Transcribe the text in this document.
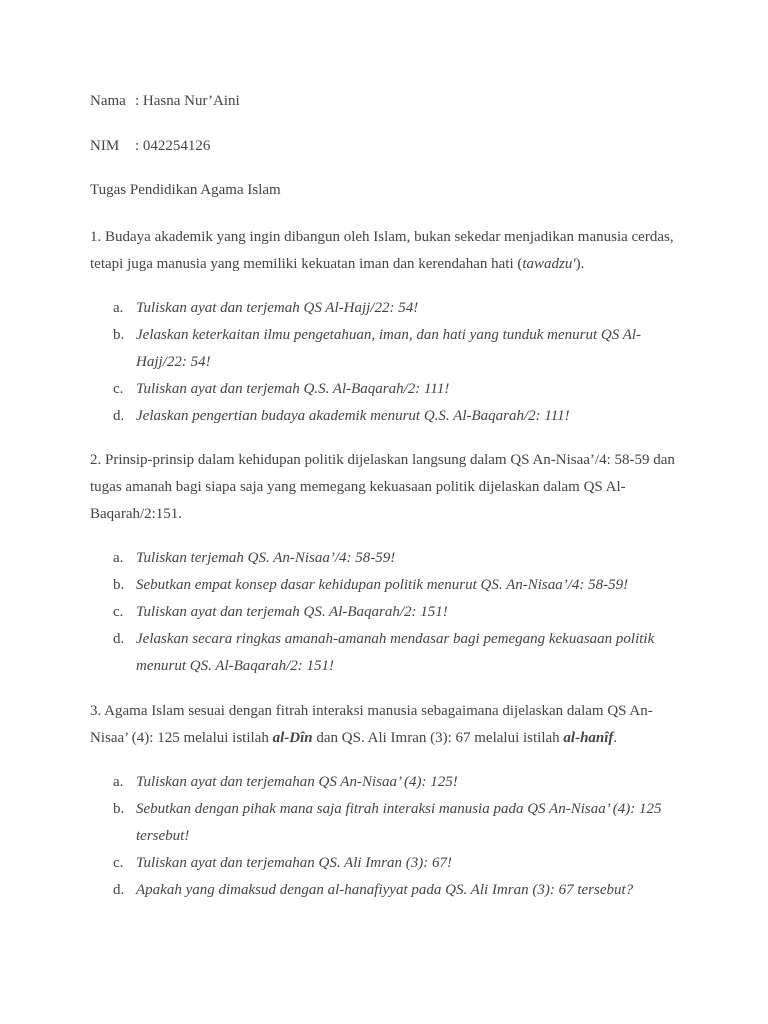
Nama : Hasna Nur’Aini
NIM : 042254126
Tugas Pendidikan Agama Islam
1. Budaya akademik yang ingin dibangun oleh Islam, bukan sekedar menjadikan manusia cerdas, tetapi juga manusia yang memiliki kekuatan iman dan kerendahan hati (tawadzu').
a. Tuliskan ayat dan terjemah QS Al-Hajj/22: 54!
b. Jelaskan keterkaitan ilmu pengetahuan, iman, dan hati yang tunduk menurut QS Al-Hajj/22: 54!
c. Tuliskan ayat dan terjemah Q.S. Al-Baqarah/2: 111!
d. Jelaskan pengertian budaya akademik menurut Q.S. Al-Baqarah/2: 111!
2. Prinsip-prinsip dalam kehidupan politik dijelaskan langsung dalam QS An-Nisaa’/4: 58-59 dan tugas amanah bagi siapa saja yang memegang kekuasaan politik dijelaskan dalam QS Al-Baqarah/2:151.
a. Tuliskan terjemah QS. An-Nisaa’/4: 58-59!
b. Sebutkan empat konsep dasar kehidupan politik menurut QS. An-Nisaa’/4: 58-59!
c. Tuliskan ayat dan terjemah QS. Al-Baqarah/2: 151!
d. Jelaskan secara ringkas amanah-amanah mendasar bagi pemegang kekuasaan politik menurut QS. Al-Baqarah/2: 151!
3. Agama Islam sesuai dengan fitrah interaksi manusia sebagaimana dijelaskan dalam QS An-Nisaa’ (4): 125 melalui istilah al-Dîn dan QS. Ali Imran (3): 67 melalui istilah al-hanîf.
a. Tuliskan ayat dan terjemahan QS An-Nisaa’ (4): 125!
b. Sebutkan dengan pihak mana saja fitrah interaksi manusia pada QS An-Nisaa’ (4): 125 tersebut!
c. Tuliskan ayat dan terjemahan QS. Ali Imran (3): 67!
d. Apakah yang dimaksud dengan al-hanafiyyat pada QS. Ali Imran (3): 67 tersebut?
